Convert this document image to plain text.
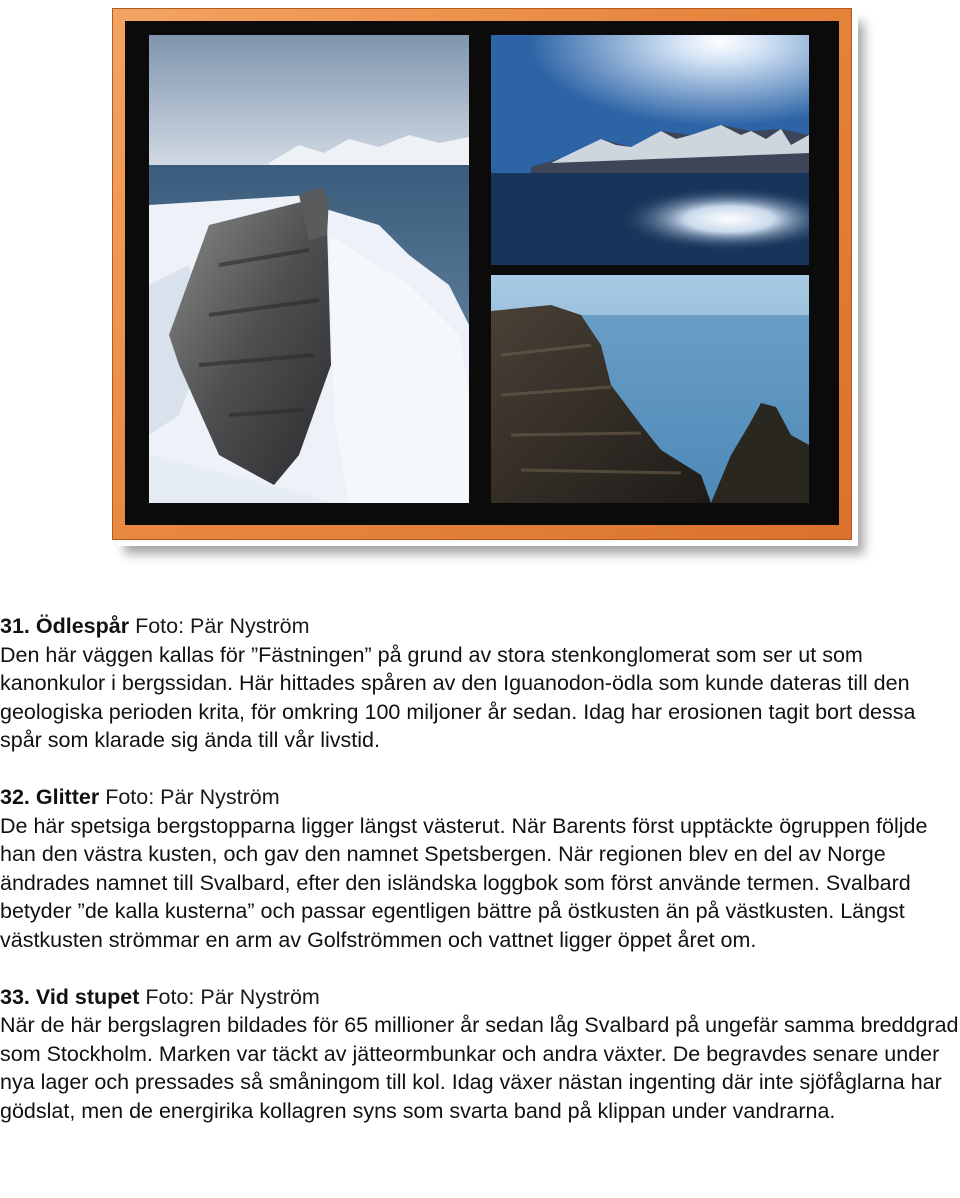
31. Ödlespår Foto: Pär Nyström

Den här väggen kallas för ”Fästningen” på grund av stora stenkonglomerat som ser ut som kanonkulor i bergssidan. Här hittades spåren av den Iguanodon-ödla som kunde dateras till den geologiska perioden krita, för omkring 100 miljoner år sedan. Idag har erosionen tagit bort dessa spår som klarade sig ända till vår livstid.

32. Glitter Foto: Pär Nyström

De här spetsiga bergstopparna ligger längst västerut. När Barents först upptäckte ögruppen följde han den västra kusten, och gav den namnet Spetsbergen. När regionen blev en del av Norge ändrades namnet till Svalbard, efter den isländska loggbok som först använde termen. Svalbard betyder ”de kalla kusterna” och passar egentligen bättre på östkusten än på västkusten. Längst västkusten strömmar en arm av Golfströmmen och vattnet ligger öppet året om.

33. Vid stupet Foto: Pär Nyström

När de här bergslagren bildades för 65 millioner år sedan låg Svalbard på ungefär samma breddgrad som Stockholm. Marken var täckt av jätteormbunkar och andra växter. De begravdes senare under nya lager och pressades så småningom till kol. Idag växer nästan ingenting där inte sjöfåglarna har gödslat, men de energirika kollagren syns som svarta band på klippan under vandrarna.
